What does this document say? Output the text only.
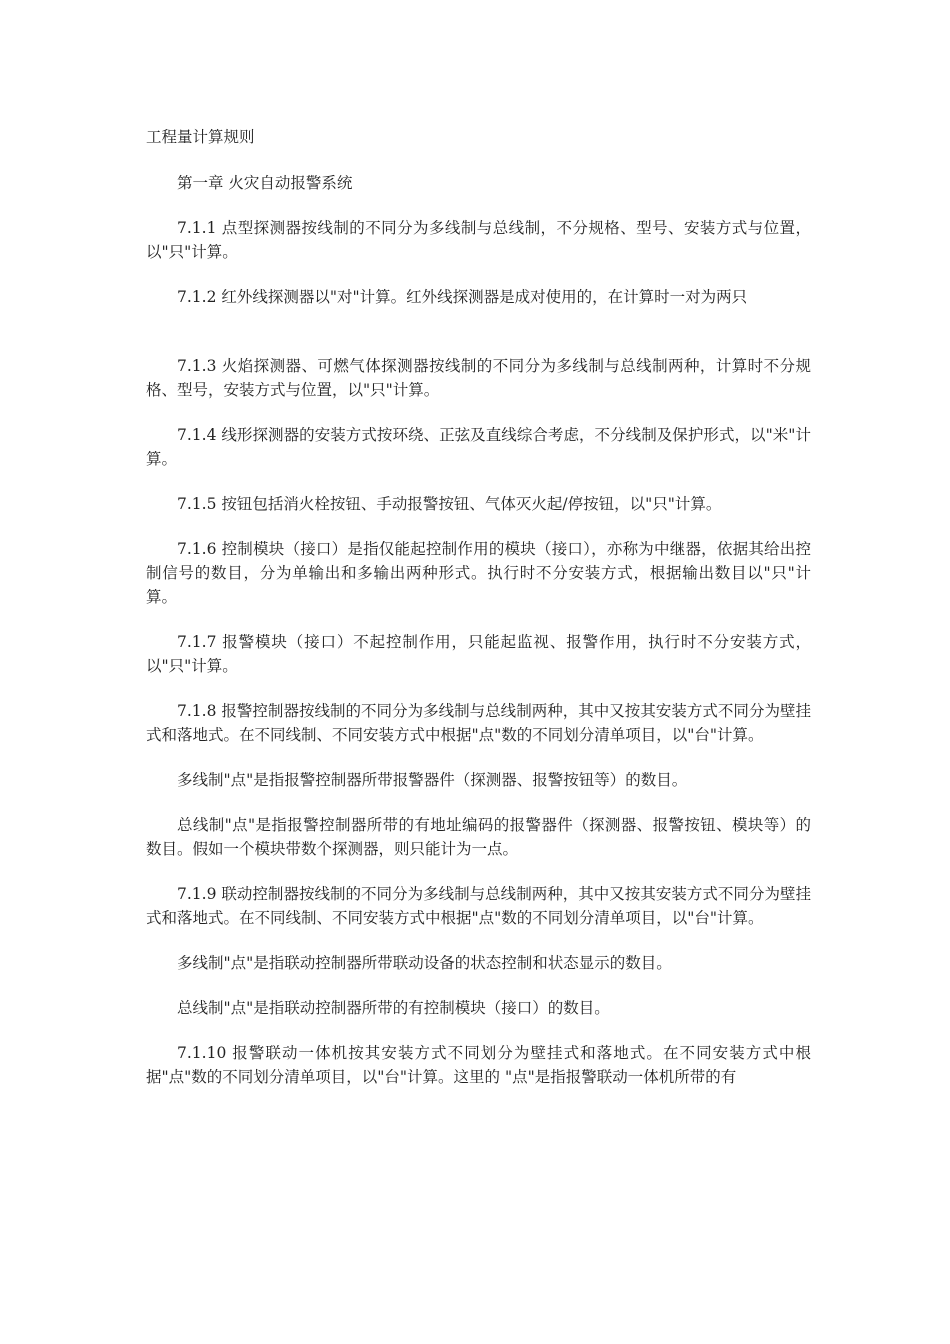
工程量计算规则

第一章 火灾自动报警系统

7.1.1 点型探测器按线制的不同分为多线制与总线制，不分规格、型号、安装方式与位置，以"只"计算。

7.1.2 红外线探测器以"对"计算。红外线探测器是成对使用的，在计算时一对为两只

7.1.3 火焰探测器、可燃气体探测器按线制的不同分为多线制与总线制两种，计算时不分规格、型号，安装方式与位置，以"只"计算。

7.1.4 线形探测器的安装方式按环绕、正弦及直线综合考虑，不分线制及保护形式，以"米"计算。

7.1.5 按钮包括消火栓按钮、手动报警按钮、气体灭火起/停按钮，以"只"计算。

7.1.6 控制模块（接口）是指仅能起控制作用的模块（接口），亦称为中继器，依据其给出控制信号的数目，分为单输出和多输出两种形式。执行时不分安装方式，根据输出数目以"只"计算。

7.1.7 报警模块（接口）不起控制作用，只能起监视、报警作用，执行时不分安装方式，以"只"计算。

7.1.8 报警控制器按线制的不同分为多线制与总线制两种，其中又按其安装方式不同分为壁挂式和落地式。在不同线制、不同安装方式中根据"点"数的不同划分清单项目，以"台"计算。

多线制"点"是指报警控制器所带报警器件（探测器、报警按钮等）的数目。

总线制"点"是指报警控制器所带的有地址编码的报警器件（探测器、报警按钮、模块等）的数目。假如一个模块带数个探测器，则只能计为一点。

7.1.9 联动控制器按线制的不同分为多线制与总线制两种，其中又按其安装方式不同分为壁挂式和落地式。在不同线制、不同安装方式中根据"点"数的不同划分清单项目，以"台"计算。

多线制"点"是指联动控制器所带联动设备的状态控制和状态显示的数目。

总线制"点"是指联动控制器所带的有控制模块（接口）的数目。

7.1.10 报警联动一体机按其安装方式不同划分为壁挂式和落地式。在不同安装方式中根据"点"数的不同划分清单项目，以"台"计算。这里的 "点"是指报警联动一体机所带的有
